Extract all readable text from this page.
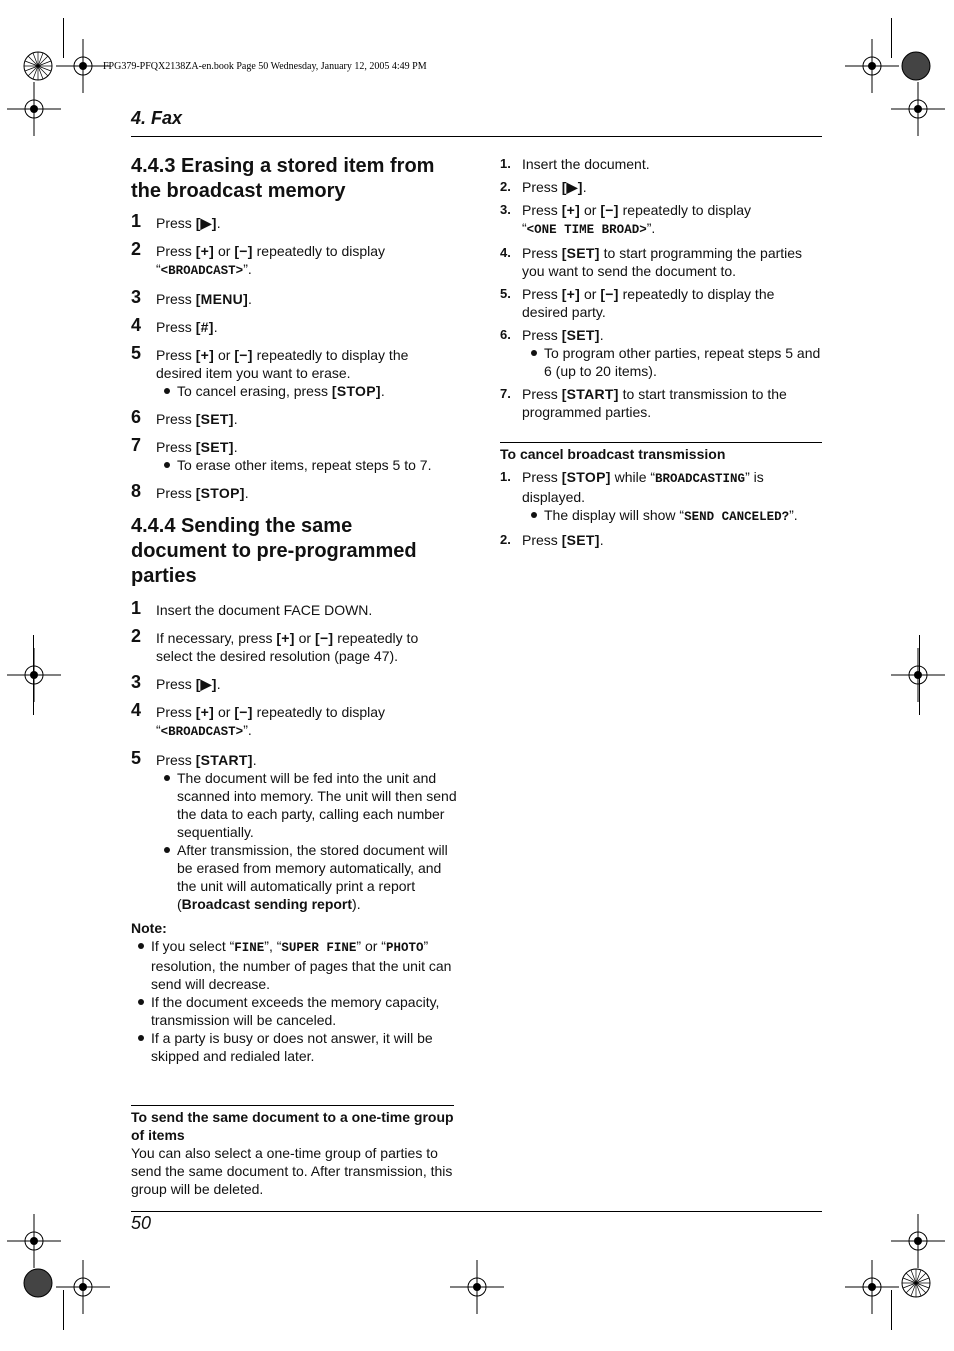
FPG379-PFQX2138ZA-en.book Page 50 Wednesday, January 12, 2005 4:49 PM
4. Fax
4.4.3 Erasing a stored item from
the broadcast memory
1 Press [▶].
2 Press [+] or [−] repeatedly to display
“<BROADCAST>”.
3 Press [MENU].
4 Press [#].
5 Press [+] or [−] repeatedly to display the
desired item you want to erase.
To cancel erasing, press [STOP].
6 Press [SET].
7 Press [SET].
To erase other items, repeat steps 5 to 7.
8 Press [STOP].
4.4.4 Sending the same
document to pre-programmed
parties
1 Insert the document FACE DOWN.
2 If necessary, press [+] or [−] repeatedly to
select the desired resolution (page 47).
3 Press [▶].
4 Press [+] or [−] repeatedly to display
“<BROADCAST>”.
5 Press [START].
The document will be fed into the unit and scanned into memory. The unit will then send the data to each party, calling each number sequentially.
After transmission, the stored document will be erased from memory automatically, and the unit will automatically print a report (Broadcast sending report).
Note:
If you select “FINE”, “SUPER FINE” or “PHOTO” resolution, the number of pages that the unit can send will decrease.
If the document exceeds the memory capacity, transmission will be canceled.
If a party is busy or does not answer, it will be skipped and redialed later.
To send the same document to a one-time group of items
You can also select a one-time group of parties to send the same document to. After transmission, this group will be deleted.
1. Insert the document.
2. Press [▶].
3. Press [+] or [−] repeatedly to display
“<ONE TIME BROAD>”.
4. Press [SET] to start programming the parties you want to send the document to.
5. Press [+] or [−] repeatedly to display the desired party.
6. Press [SET].
To program other parties, repeat steps 5 and 6 (up to 20 items).
7. Press [START] to start transmission to the programmed parties.
To cancel broadcast transmission
1. Press [STOP] while “BROADCASTING” is displayed.
The display will show “SEND CANCELED?”.
2. Press [SET].
50
